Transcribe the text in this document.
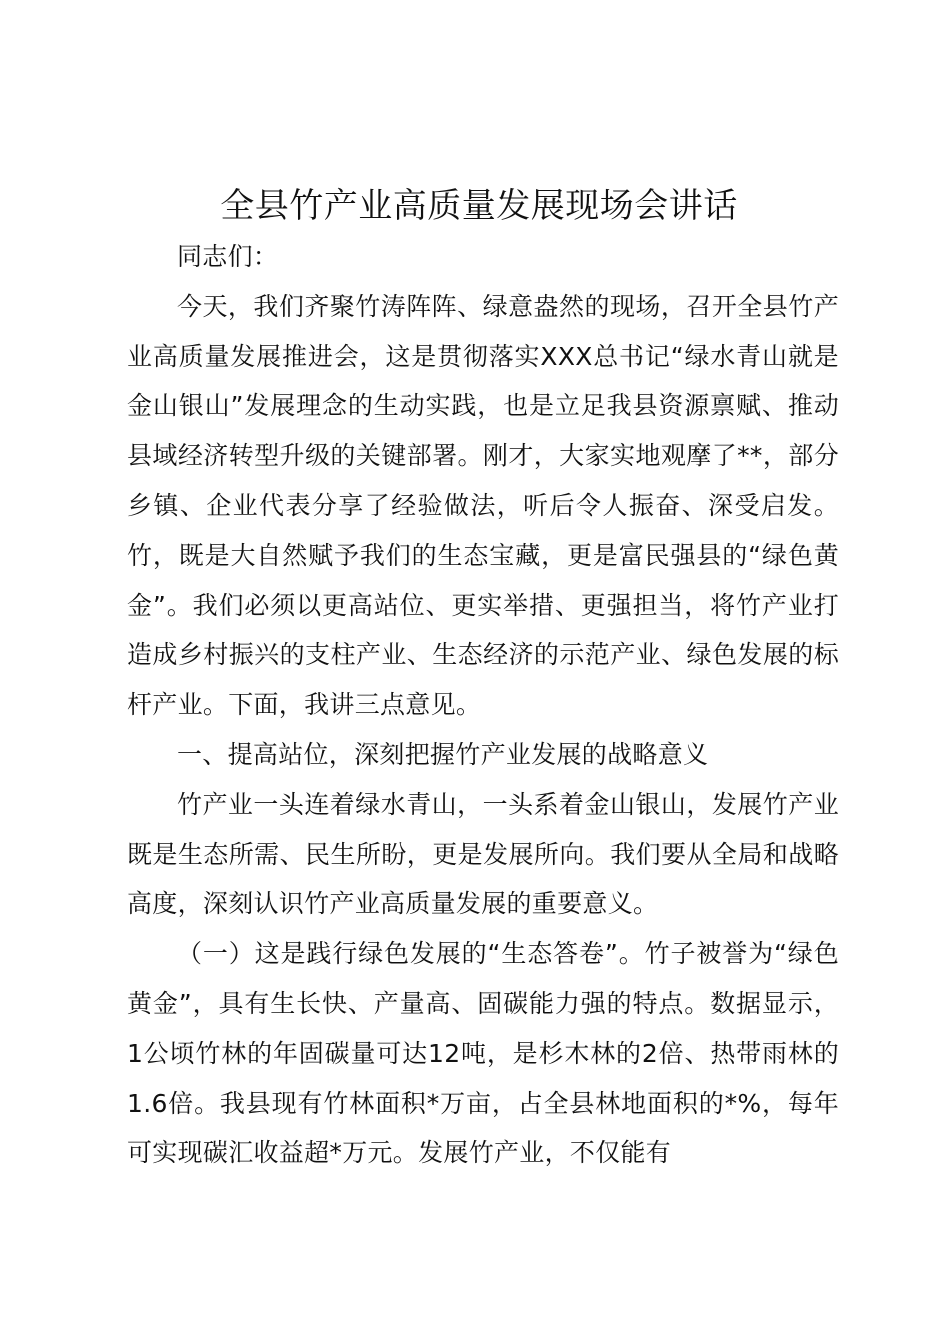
全县竹产业高质量发展现场会讲话

同志们：

今天，我们齐聚竹涛阵阵、绿意盎然的现场，召开全县竹产业高质量发展推进会，这是贯彻落实XXX总书记“绿水青山就是金山银山”发展理念的生动实践，也是立足我县资源禀赋、推动县域经济转型升级的关键部署。刚才，大家实地观摩了**，部分乡镇、企业代表分享了经验做法，听后令人振奋、深受启发。竹，既是大自然赋予我们的生态宝藏，更是富民强县的“绿色黄金”。我们必须以更高站位、更实举措、更强担当，将竹产业打造成乡村振兴的支柱产业、生态经济的示范产业、绿色发展的标杆产业。下面，我讲三点意见。

一、提高站位，深刻把握竹产业发展的战略意义

竹产业一头连着绿水青山，一头系着金山银山，发展竹产业既是生态所需、民生所盼，更是发展所向。我们要从全局和战略高度，深刻认识竹产业高质量发展的重要意义。

（一）这是践行绿色发展的“生态答卷”。竹子被誉为“绿色黄金”，具有生长快、产量高、固碳能力强的特点。数据显示，1公顷竹林的年固碳量可达12吨，是杉木林的2倍、热带雨林的1.6倍。我县现有竹林面积*万亩，占全县林地面积的*%，每年可实现碳汇收益超*万元。发展竹产业，不仅能有
